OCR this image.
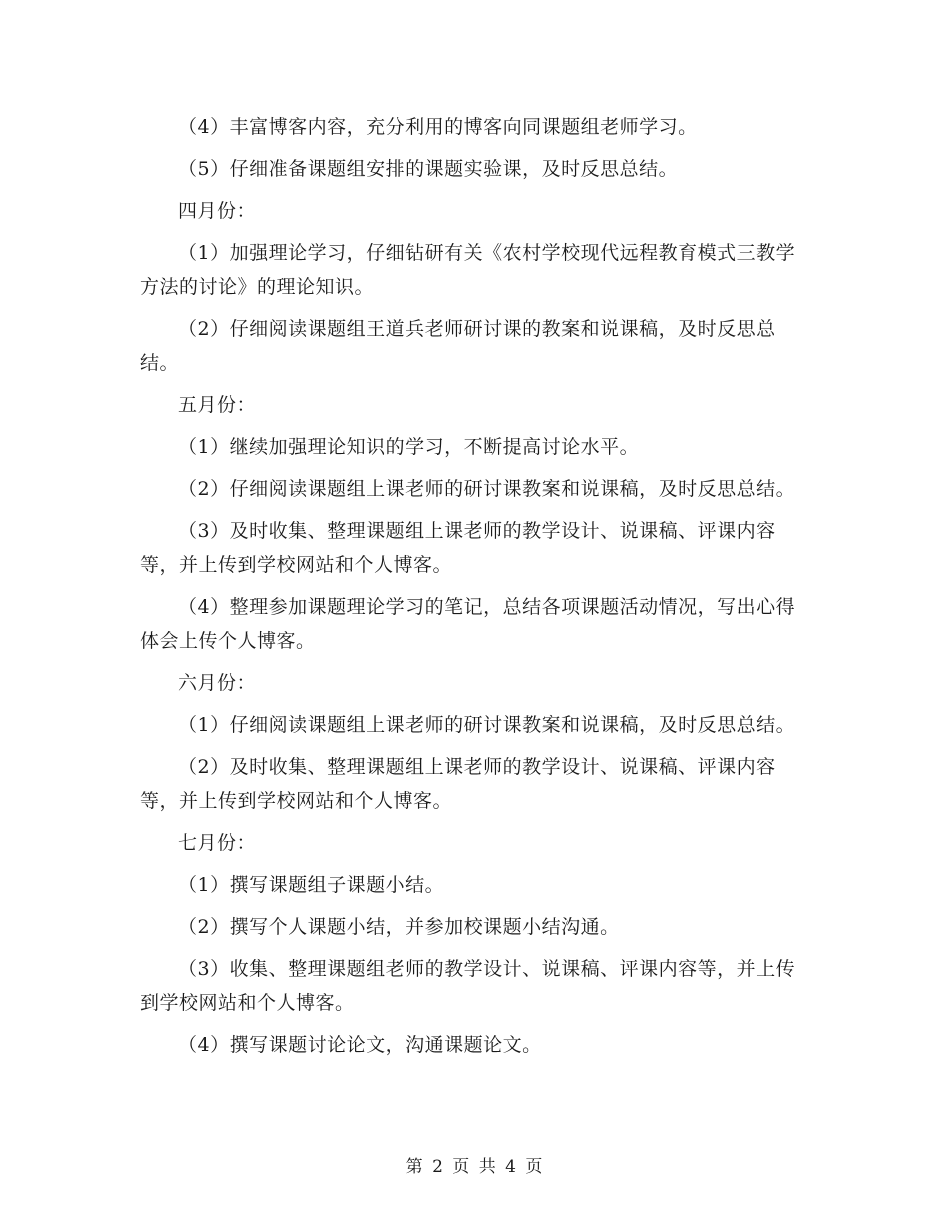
（4）丰富博客内容，充分利用的博客向同课题组老师学习。

（5）仔细准备课题组安排的课题实验课，及时反思总结。

四月份：

（1）加强理论学习，仔细钻研有关《农村学校现代远程教育模式三教学方法的讨论》的理论知识。

（2）仔细阅读课题组王道兵老师研讨课的教案和说课稿，及时反思总结。

五月份：

（1）继续加强理论知识的学习，不断提高讨论水平。

（2）仔细阅读课题组上课老师的研讨课教案和说课稿，及时反思总结。

（3）及时收集、整理课题组上课老师的教学设计、说课稿、评课内容等，并上传到学校网站和个人博客。

（4）整理参加课题理论学习的笔记，总结各项课题活动情况，写出心得体会上传个人博客。

六月份：

（1）仔细阅读课题组上课老师的研讨课教案和说课稿，及时反思总结。

（2）及时收集、整理课题组上课老师的教学设计、说课稿、评课内容等，并上传到学校网站和个人博客。

七月份：

（1）撰写课题组子课题小结。

（2）撰写个人课题小结，并参加校课题小结沟通。

（3）收集、整理课题组老师的教学设计、说课稿、评课内容等，并上传到学校网站和个人博客。

（4）撰写课题讨论论文，沟通课题论文。

第 2 页 共 4 页
